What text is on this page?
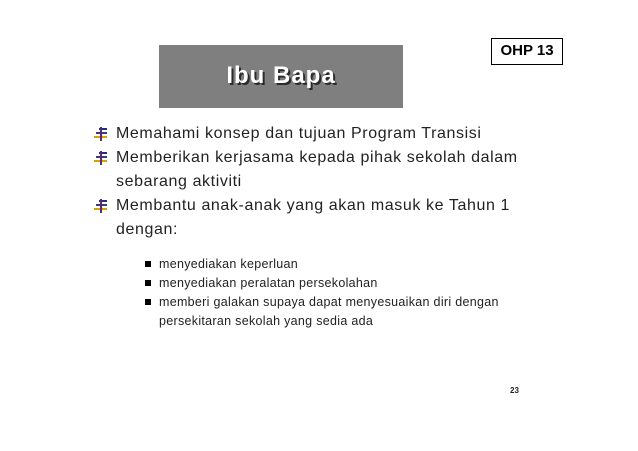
OHP 13
Ibu Bapa
Memahami konsep dan tujuan Program Transisi
Memberikan kerjasama kepada pihak sekolah dalam sebarang aktiviti
Membantu anak-anak yang akan masuk ke Tahun 1 dengan:
menyediakan keperluan
menyediakan peralatan persekolahan
memberi galakan supaya dapat menyesuaikan diri dengan persekitaran sekolah yang sedia ada
23
